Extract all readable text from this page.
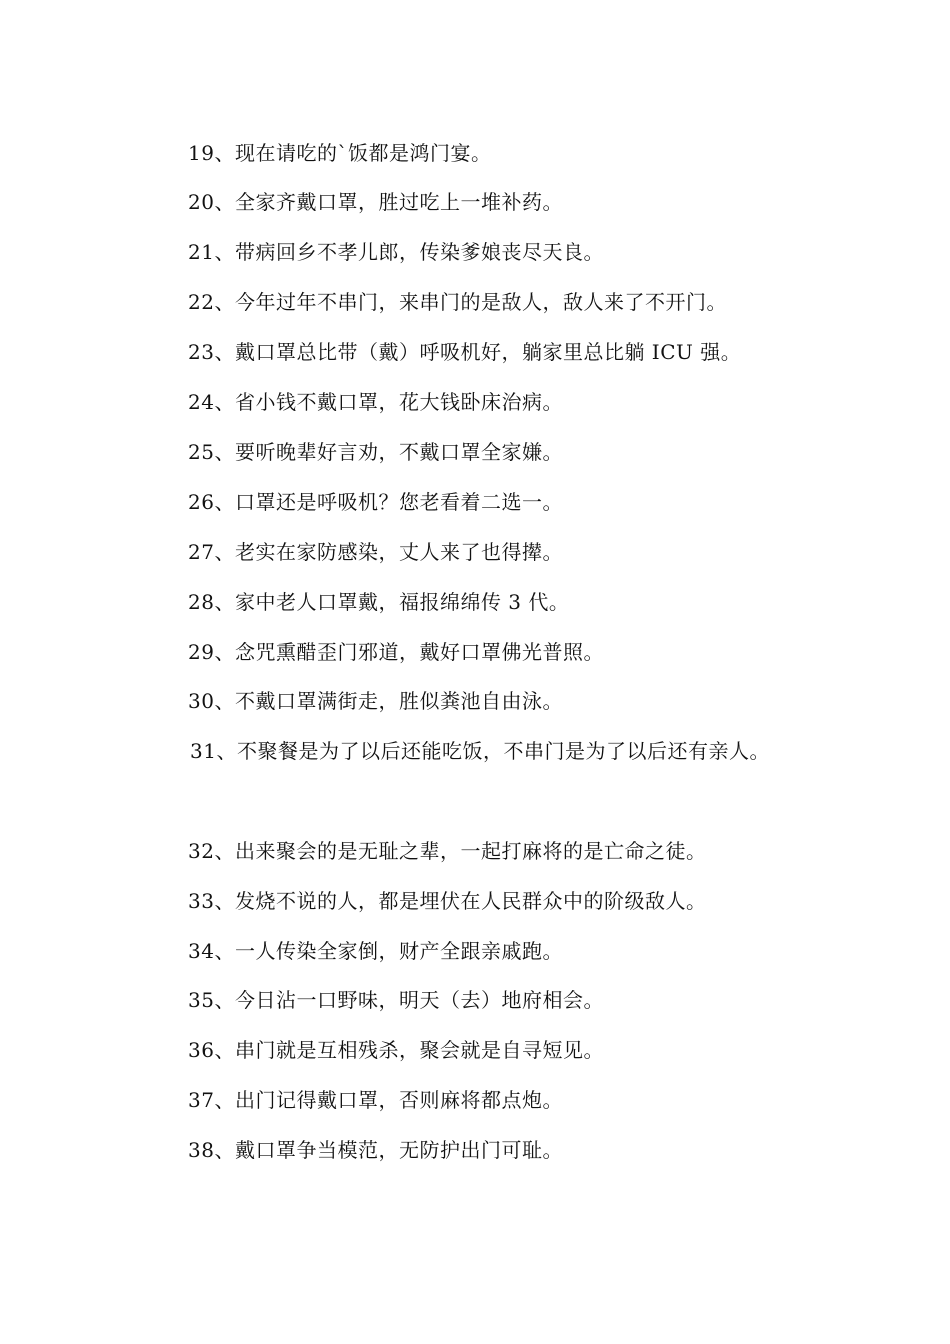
19、现在请吃的`饭都是鸿门宴。
20、全家齐戴口罩，胜过吃上一堆补药。
21、带病回乡不孝儿郎，传染爹娘丧尽天良。
22、今年过年不串门，来串门的是敌人，敌人来了不开门。
23、戴口罩总比带（戴）呼吸机好，躺家里总比躺 ICU 强。
24、省小钱不戴口罩，花大钱卧床治病。
25、要听晚辈好言劝，不戴口罩全家嫌。
26、口罩还是呼吸机？您老看着二选一。
27、老实在家防感染，丈人来了也得撵。
28、家中老人口罩戴，福报绵绵传 3 代。
29、念咒熏醋歪门邪道，戴好口罩佛光普照。
30、不戴口罩满街走，胜似粪池自由泳。
31、不聚餐是为了以后还能吃饭，不串门是为了以后还有亲人。
32、出来聚会的是无耻之辈，一起打麻将的是亡命之徒。
33、发烧不说的人，都是埋伏在人民群众中的阶级敌人。
34、一人传染全家倒，财产全跟亲戚跑。
35、今日沾一口野味，明天（去）地府相会。
36、串门就是互相残杀，聚会就是自寻短见。
37、出门记得戴口罩，否则麻将都点炮。
38、戴口罩争当模范，无防护出门可耻。
